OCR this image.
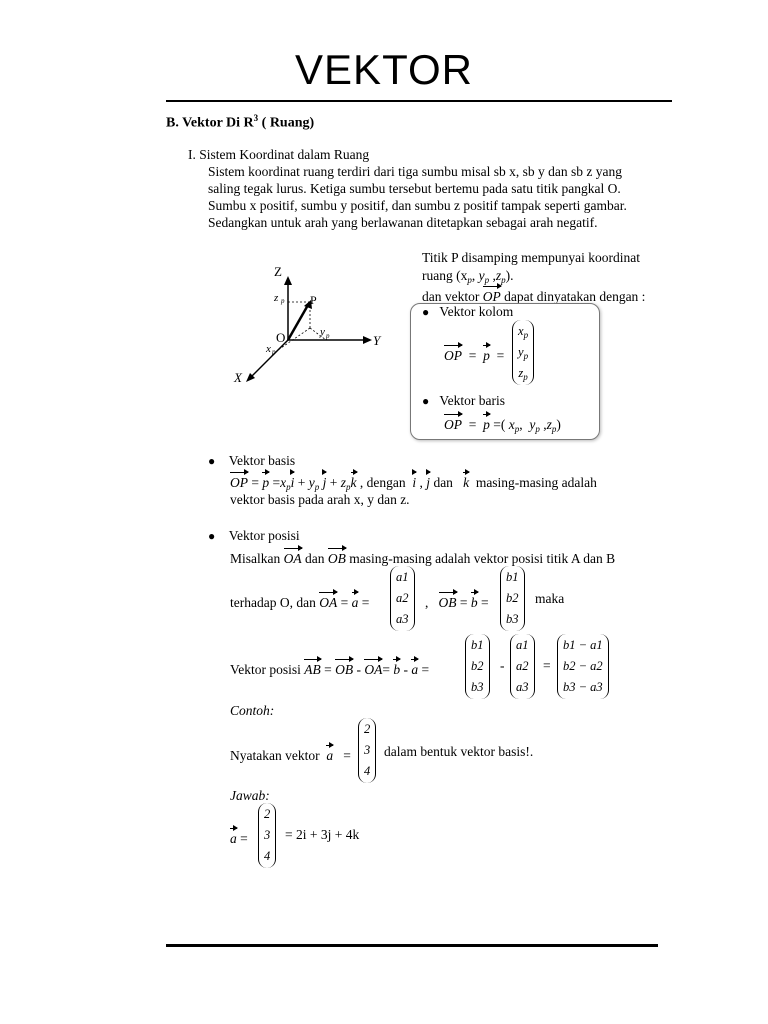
VEKTOR
B. Vektor Di $R^3$ ( Ruang)
I. Sistem Koordinat dalam Ruang
Sistem koordinat ruang terdiri dari tiga sumbu misal sb x, sb y dan sb z yang
saling tegak lurus. Ketiga sumbu tersebut bertemu pada satu titik pangkal O.
Sumbu x positif, sumbu y positif, dan sumbu z positif tampak seperti gambar.
Sedangkan untuk arah yang berlawanan ditetapkan sebagai arah negatif.
Z
Y
X
O
P
z p
y p
x p
Titik P disamping mempunyai koordinat
ruang ($x_p$, $y_p$ $,z_p$).
dan vektor OP dapat dinyatakan dengan :
● Vektor kolom
OP  =  p  =
$x_p$
$y_p$
$z_p$
● Vektor baris
OP  =  p =( $x_p$,  $y_p$ $,z_p$)
● Vektor basis
OP = $p =x_pi + y_p$ $j + z_pk$ , dengan i , j dan k masing-masing adalah
vektor basis pada arah x, y dan z.
● Vektor posisi
Misalkan OA dan OB masing-masing adalah vektor posisi titik A dan B
terhadap O, dan OA = a =
a1
a2
a3
,   OB = b =
b1
b2
b3
maka
Vektor posisi AB = OB - OA= b - a =
b1
b2
b3
-
a1
a2
a3
=
b1 − a1
b2 − a2
b3 − a3
Contoh:
Nyatakan vektor a   =
2
3
4
dalam bentuk vektor basis!.
Jawab:
a =
2
3
4
= 2i + 3j + 4k
